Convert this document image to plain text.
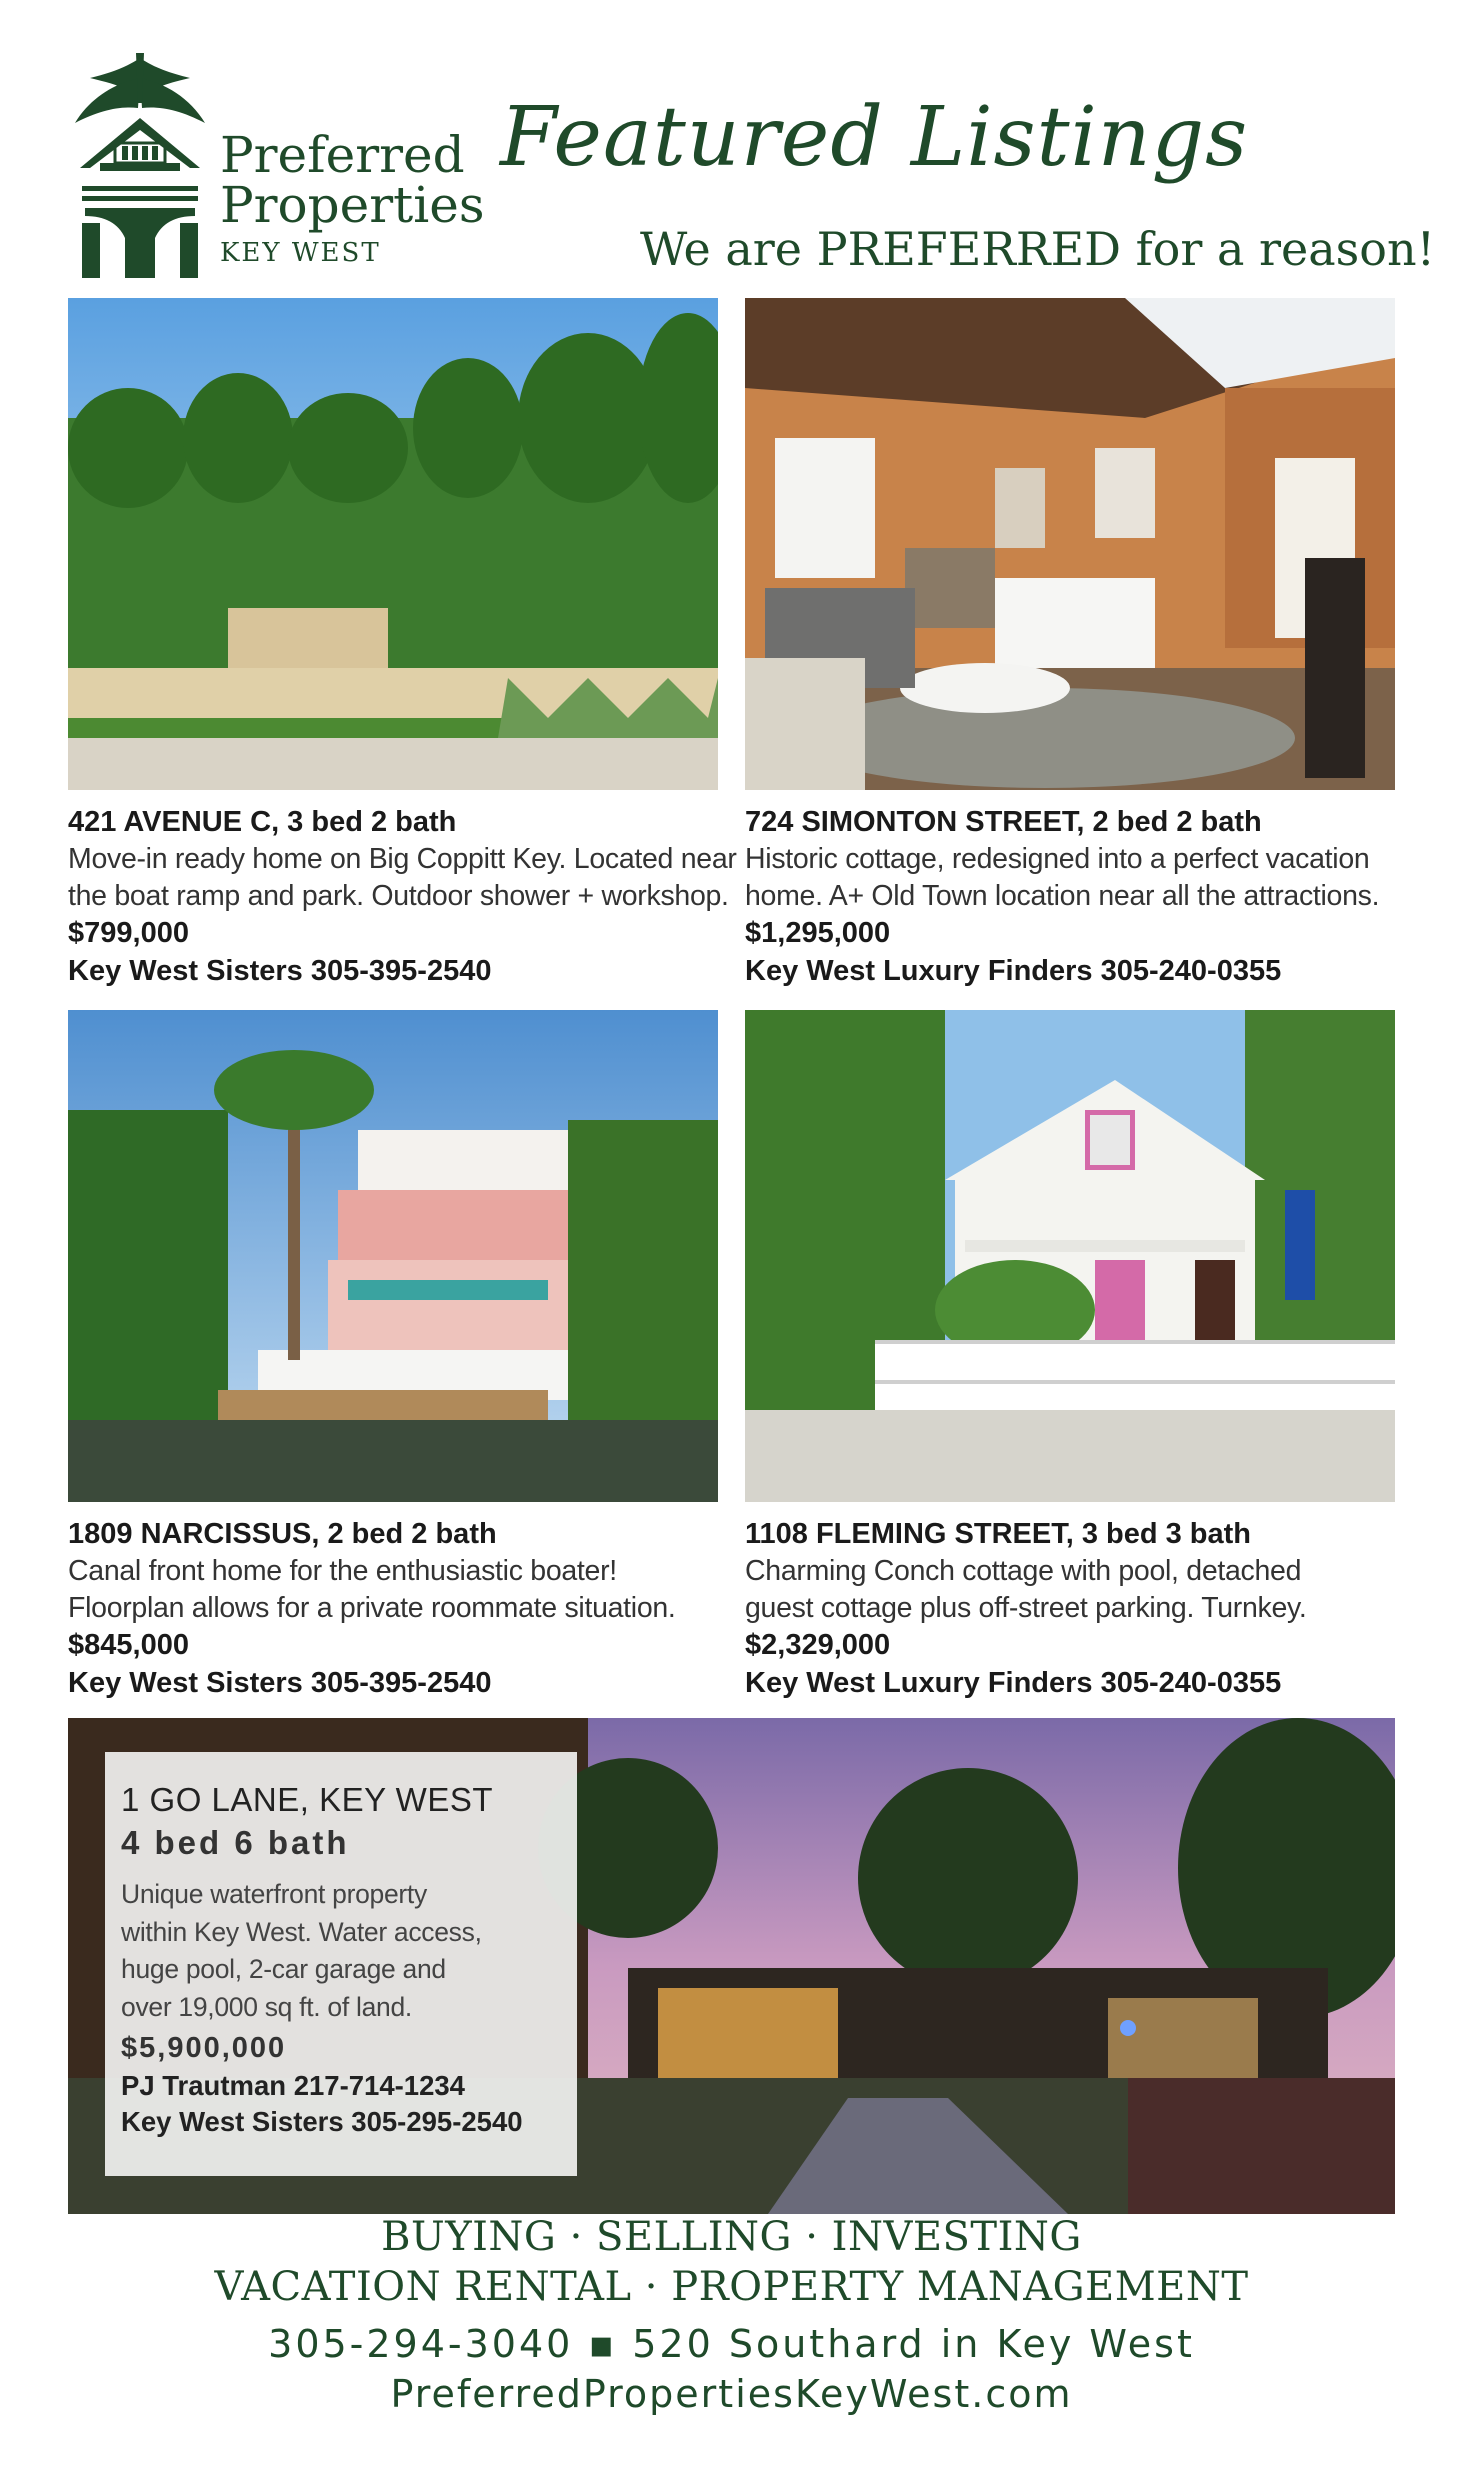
Preferred
Properties
KEY WEST
Featured Listings
We are PREFERRED for a reason!
421 AVENUE C, 3 bed 2 bath
Move-in ready home on Big Coppitt Key. Located near
the boat ramp and park. Outdoor shower + workshop.
$799,000
Key West Sisters 305-395-2540
724 SIMONTON STREET, 2 bed 2 bath
Historic cottage, redesigned into a perfect vacation
home. A+ Old Town location near all the attractions.
$1,295,000
Key West Luxury Finders 305-240-0355
1809 NARCISSUS, 2 bed 2 bath
Canal front home for the enthusiastic boater!
Floorplan allows for a private roommate situation.
$845,000
Key West Sisters 305-395-2540
1108 FLEMING STREET, 3 bed 3 bath
Charming Conch cottage with pool, detached
guest cottage plus off-street parking. Turnkey.
$2,329,000
Key West Luxury Finders 305-240-0355
1 GO LANE, KEY WEST
4 bed 6 bath
Unique waterfront property
within Key West. Water access,
huge pool, 2-car garage and
over 19,000 sq ft. of land.
$5,900,000
PJ Trautman 217-714-1234
Key West Sisters 305-295-2540
BUYING · SELLING · INVESTING
VACATION RENTAL · PROPERTY MANAGEMENT
305-294-3040 ▪ 520 Southard in Key West
PreferredPropertiesKeyWest.com
